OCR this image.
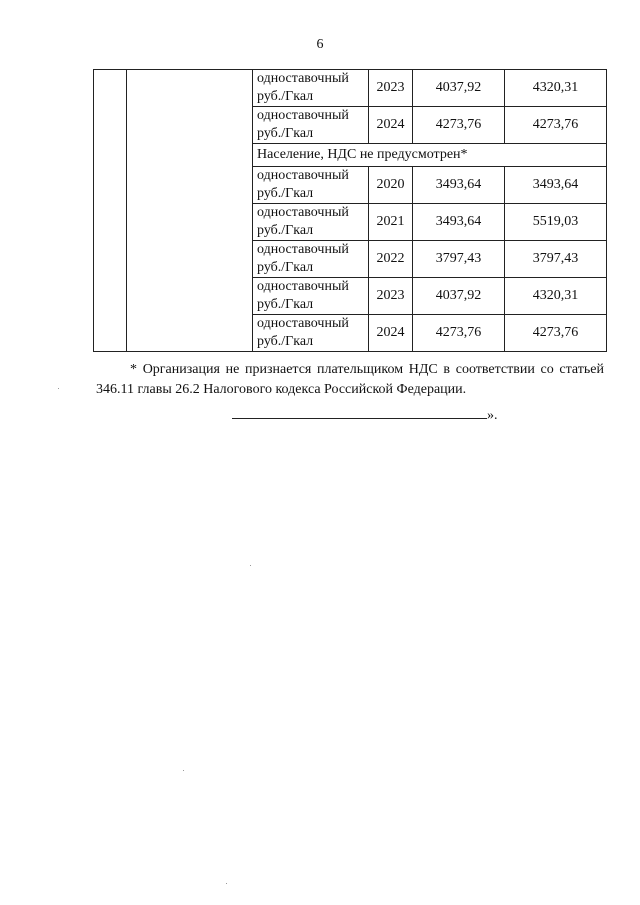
6
		одноставочный руб./Гкал	2023	4037,92	4320,31
		одноставочный руб./Гкал	2024	4273,76	4273,76
		Население, НДС не предусмотрен*			
		одноставочный руб./Гкал	2020	3493,64	3493,64
		одноставочный руб./Гкал	2021	3493,64	5519,03
		одноставочный руб./Гкал	2022	3797,43	3797,43
		одноставочный руб./Гкал	2023	4037,92	4320,31
		одноставочный руб./Гкал	2024	4273,76	4273,76
* Организация не признается плательщиком НДС в соответствии со статьей 346.11 главы 26.2 Налогового кодекса Российской Федерации.
».
